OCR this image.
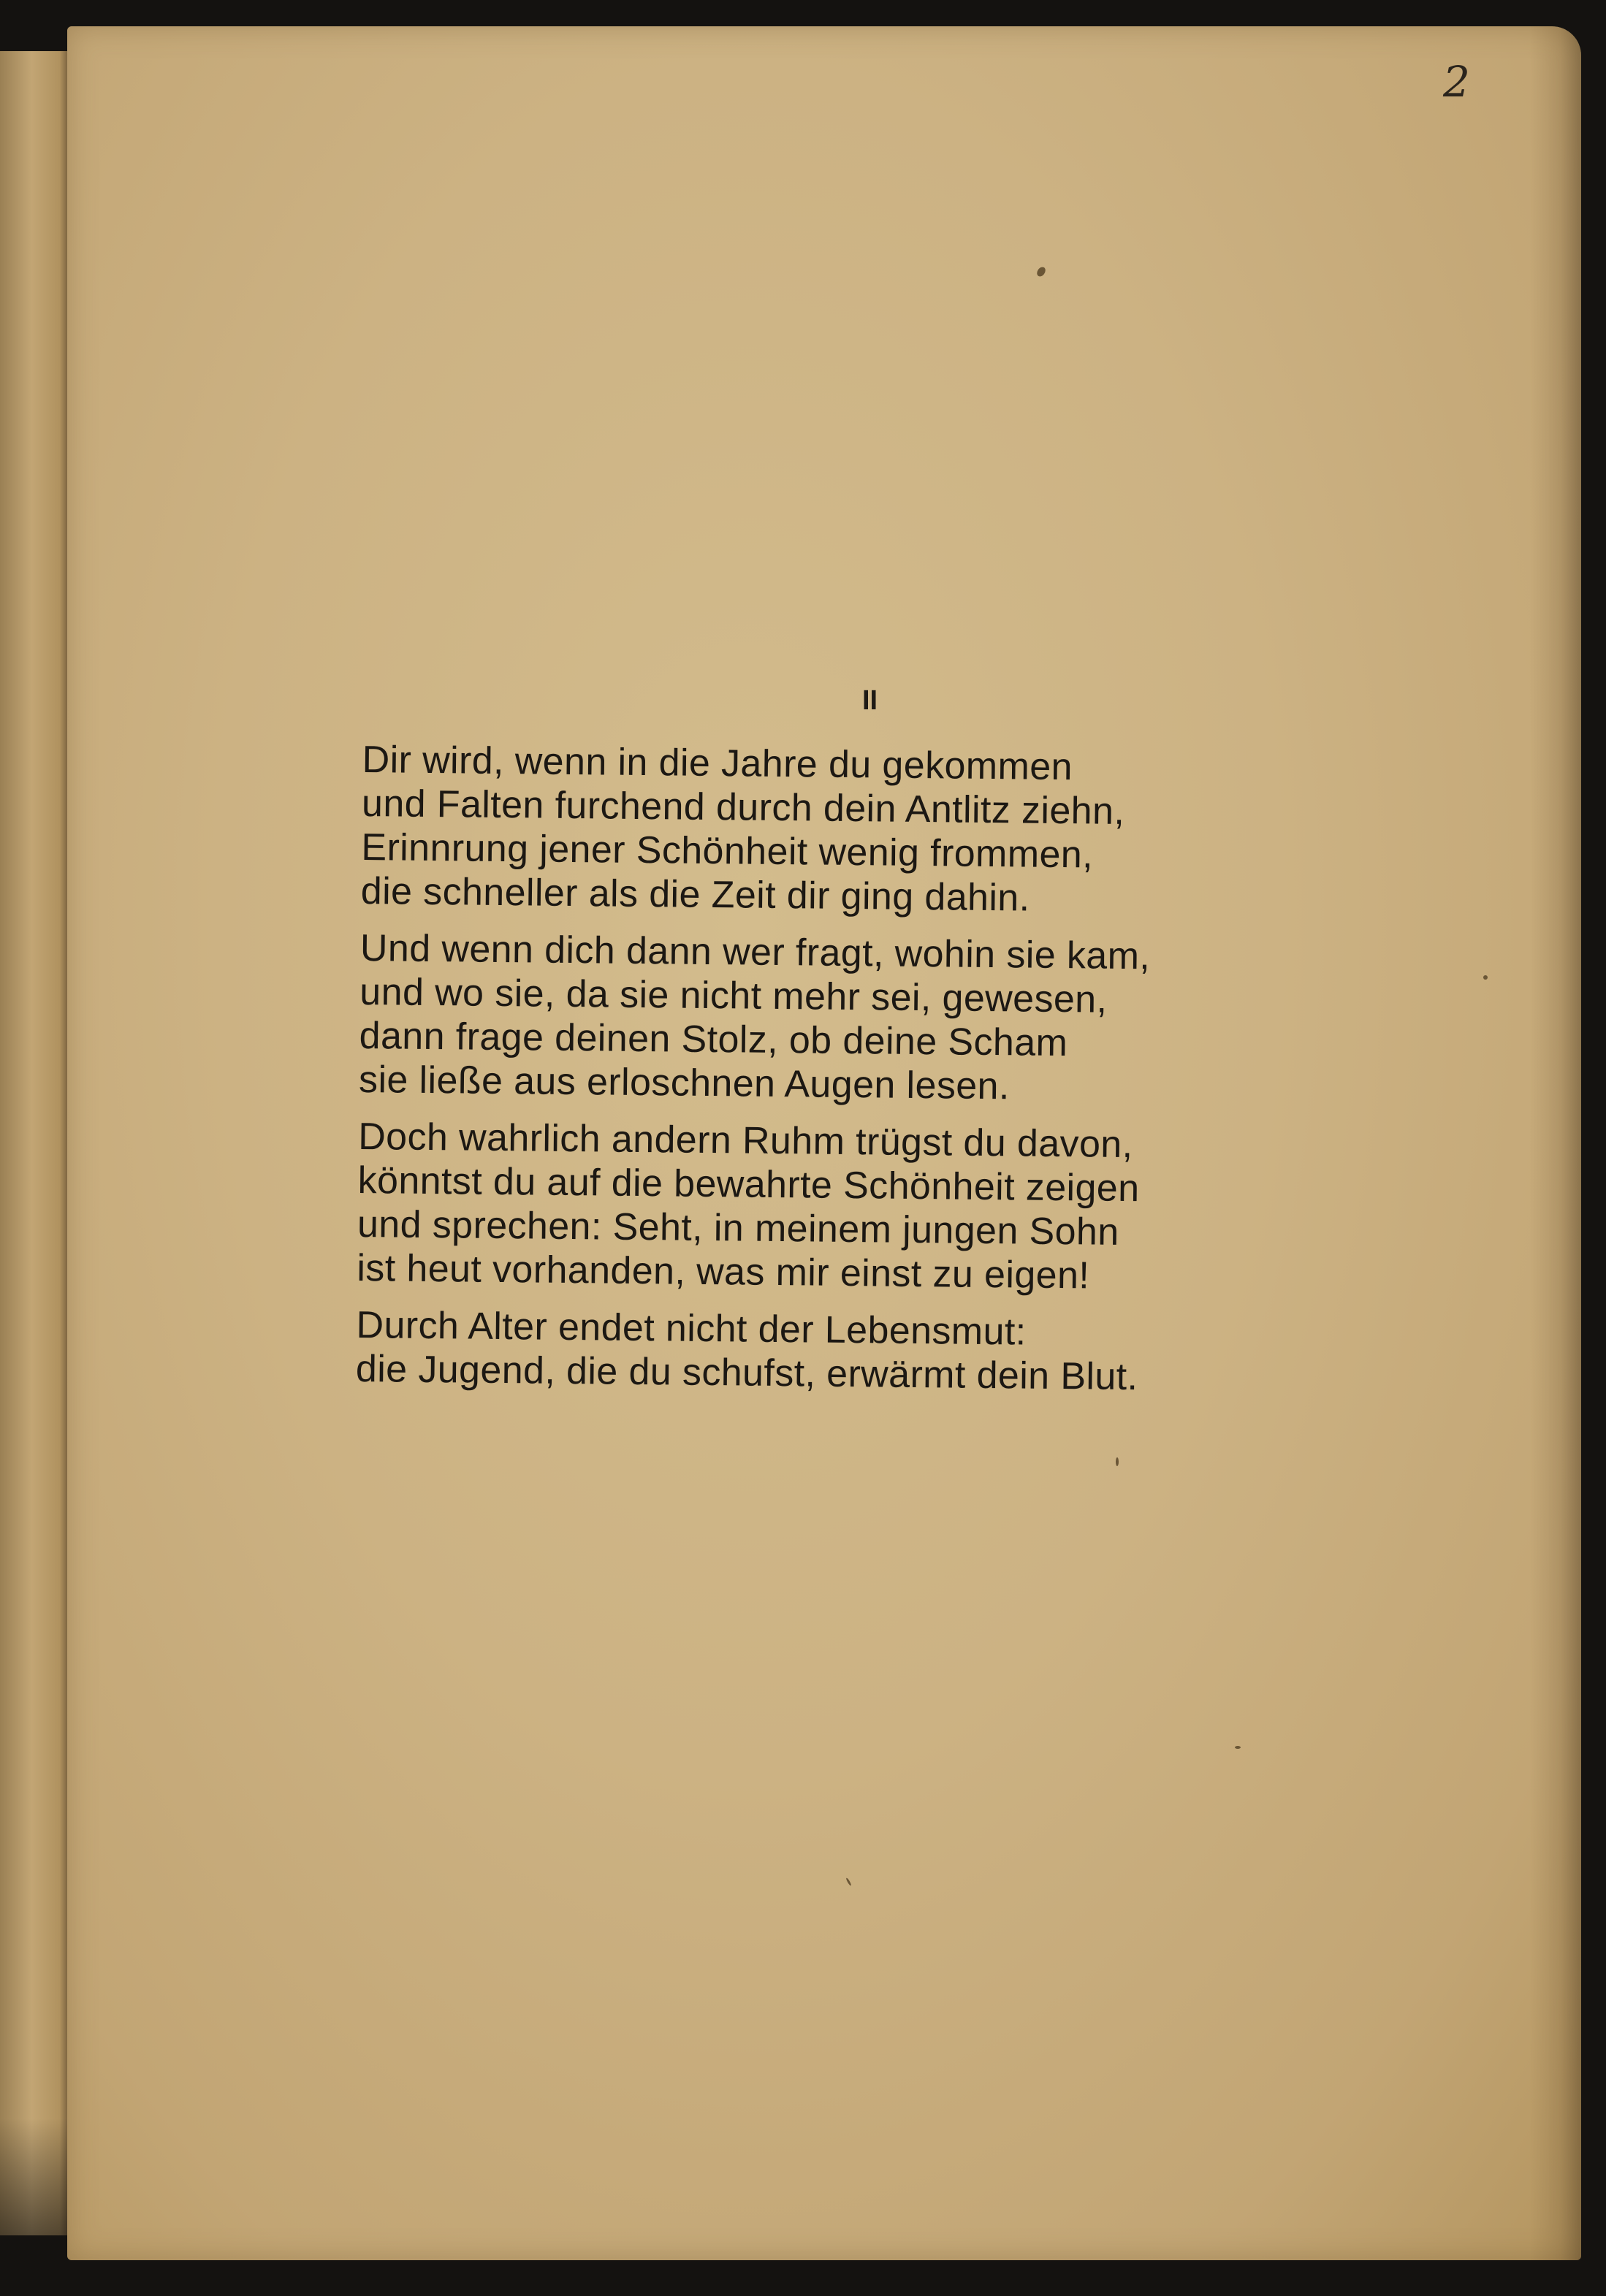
2
II
Dir wird, wenn in die Jahre du gekommen
und Falten furchend durch dein Antlitz ziehn,
Erinnrung jener Schönheit wenig frommen,
die schneller als die Zeit dir ging dahin.
Und wenn dich dann wer fragt, wohin sie kam,
und wo sie, da sie nicht mehr sei, gewesen,
dann frage deinen Stolz, ob deine Scham
sie ließe aus erloschnen Augen lesen.
Doch wahrlich andern Ruhm trügst du davon,
könntst du auf die bewahrte Schönheit zeigen
und sprechen: Seht, in meinem jungen Sohn
ist heut vorhanden, was mir einst zu eigen!
Durch Alter endet nicht der Lebensmut:
die Jugend, die du schufst, erwärmt dein Blut.
